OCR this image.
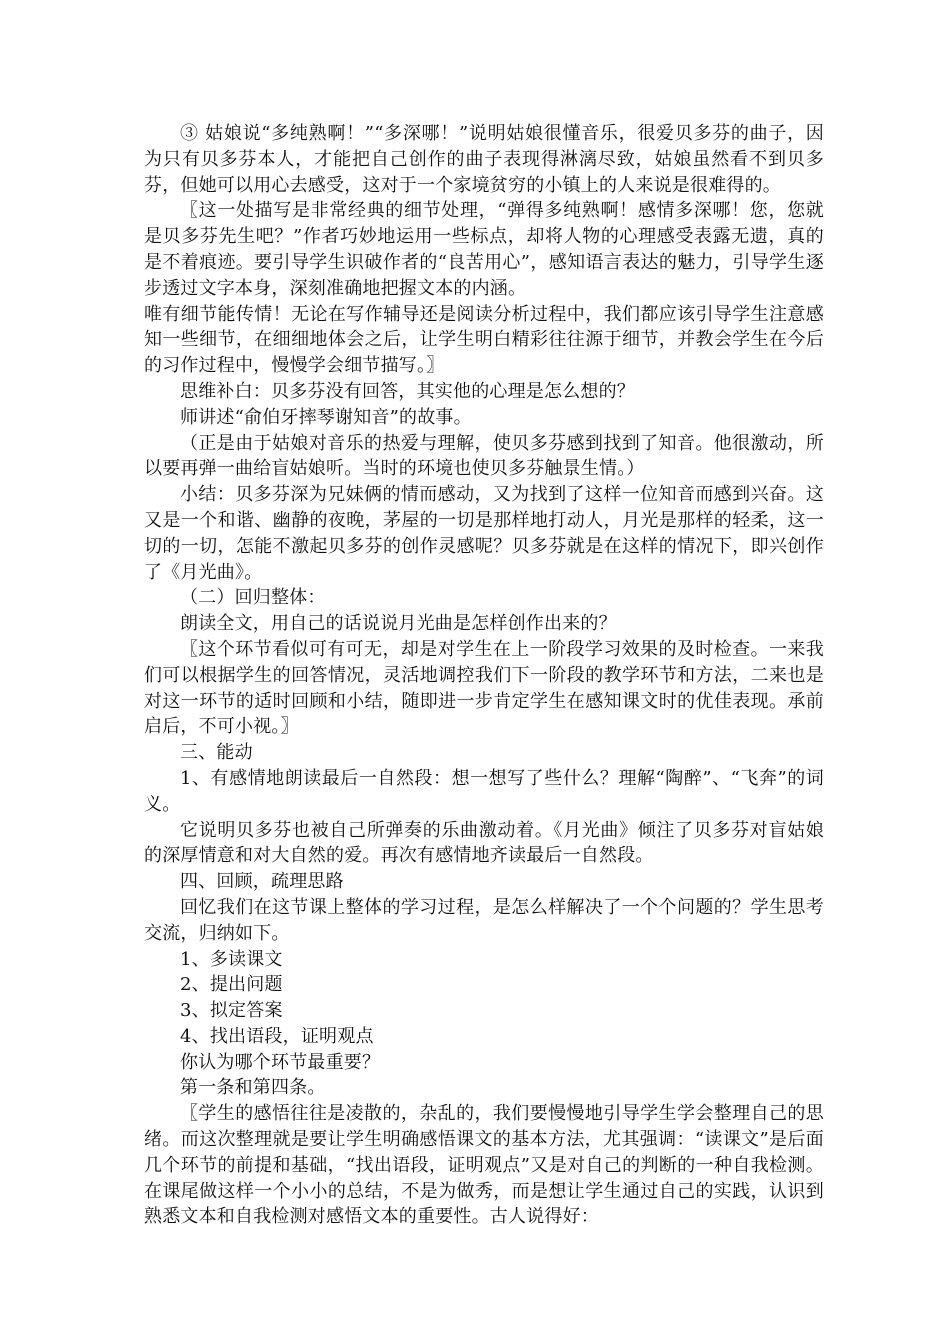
③ 姑娘说“多纯熟啊！”“多深哪！”说明姑娘很懂音乐，很爱贝多芬的曲子，因为只有贝多芬本人，才能把自己创作的曲子表现得淋漓尽致，姑娘虽然看不到贝多芬，但她可以用心去感受，这对于一个家境贫穷的小镇上的人来说是很难得的。

〖这一处描写是非常经典的细节处理，“弹得多纯熟啊！感情多深哪！您，您就是贝多芬先生吧？”作者巧妙地运用一些标点，却将人物的心理感受表露无遗，真的是不着痕迹。要引导学生识破作者的“良苦用心”，感知语言表达的魅力，引导学生逐步透过文字本身，深刻准确地把握文本的内涵。

唯有细节能传情！无论在写作辅导还是阅读分析过程中，我们都应该引导学生注意感知一些细节，在细细地体会之后，让学生明白精彩往往源于细节，并教会学生在今后的习作过程中，慢慢学会细节描写。〗

思维补白：贝多芬没有回答，其实他的心理是怎么想的？

师讲述“俞伯牙摔琴谢知音”的故事。

（正是由于姑娘对音乐的热爱与理解，使贝多芬感到找到了知音。他很激动，所以要再弹一曲给盲姑娘听。当时的环境也使贝多芬触景生情。）

小结：贝多芬深为兄妹俩的情而感动，又为找到了这样一位知音而感到兴奋。这又是一个和谐、幽静的夜晚，茅屋的一切是那样地打动人，月光是那样的轻柔，这一切的一切，怎能不激起贝多芬的创作灵感呢？贝多芬就是在这样的情况下，即兴创作了《月光曲》。

（二）回归整体：

朗读全文，用自己的话说说月光曲是怎样创作出来的？

〖这个环节看似可有可无，却是对学生在上一阶段学习效果的及时检查。一来我们可以根据学生的回答情况，灵活地调控我们下一阶段的教学环节和方法，二来也是对这一环节的适时回顾和小结，随即进一步肯定学生在感知课文时的优佳表现。承前启后，不可小视。〗

三、能动

1、有感情地朗读最后一自然段：想一想写了些什么？理解“陶醉”、“飞奔”的词义。

它说明贝多芬也被自己所弹奏的乐曲激动着。《月光曲》倾注了贝多芬对盲姑娘的深厚情意和对大自然的爱。再次有感情地齐读最后一自然段。

四、回顾，疏理思路

回忆我们在这节课上整体的学习过程，是怎么样解决了一个个问题的？学生思考交流，归纳如下。

1、多读课文

2、提出问题

3、拟定答案

4、找出语段，证明观点

你认为哪个环节最重要？

第一条和第四条。

〖学生的感悟往往是凌散的，杂乱的，我们要慢慢地引导学生学会整理自己的思绪。而这次整理就是要让学生明确感悟课文的基本方法，尤其强调：“读课文”是后面几个环节的前提和基础，“找出语段，证明观点”又是对自己的判断的一种自我检测。在课尾做这样一个小小的总结，不是为做秀，而是想让学生通过自己的实践，认识到熟悉文本和自我检测对感悟文本的重要性。古人说得好：
